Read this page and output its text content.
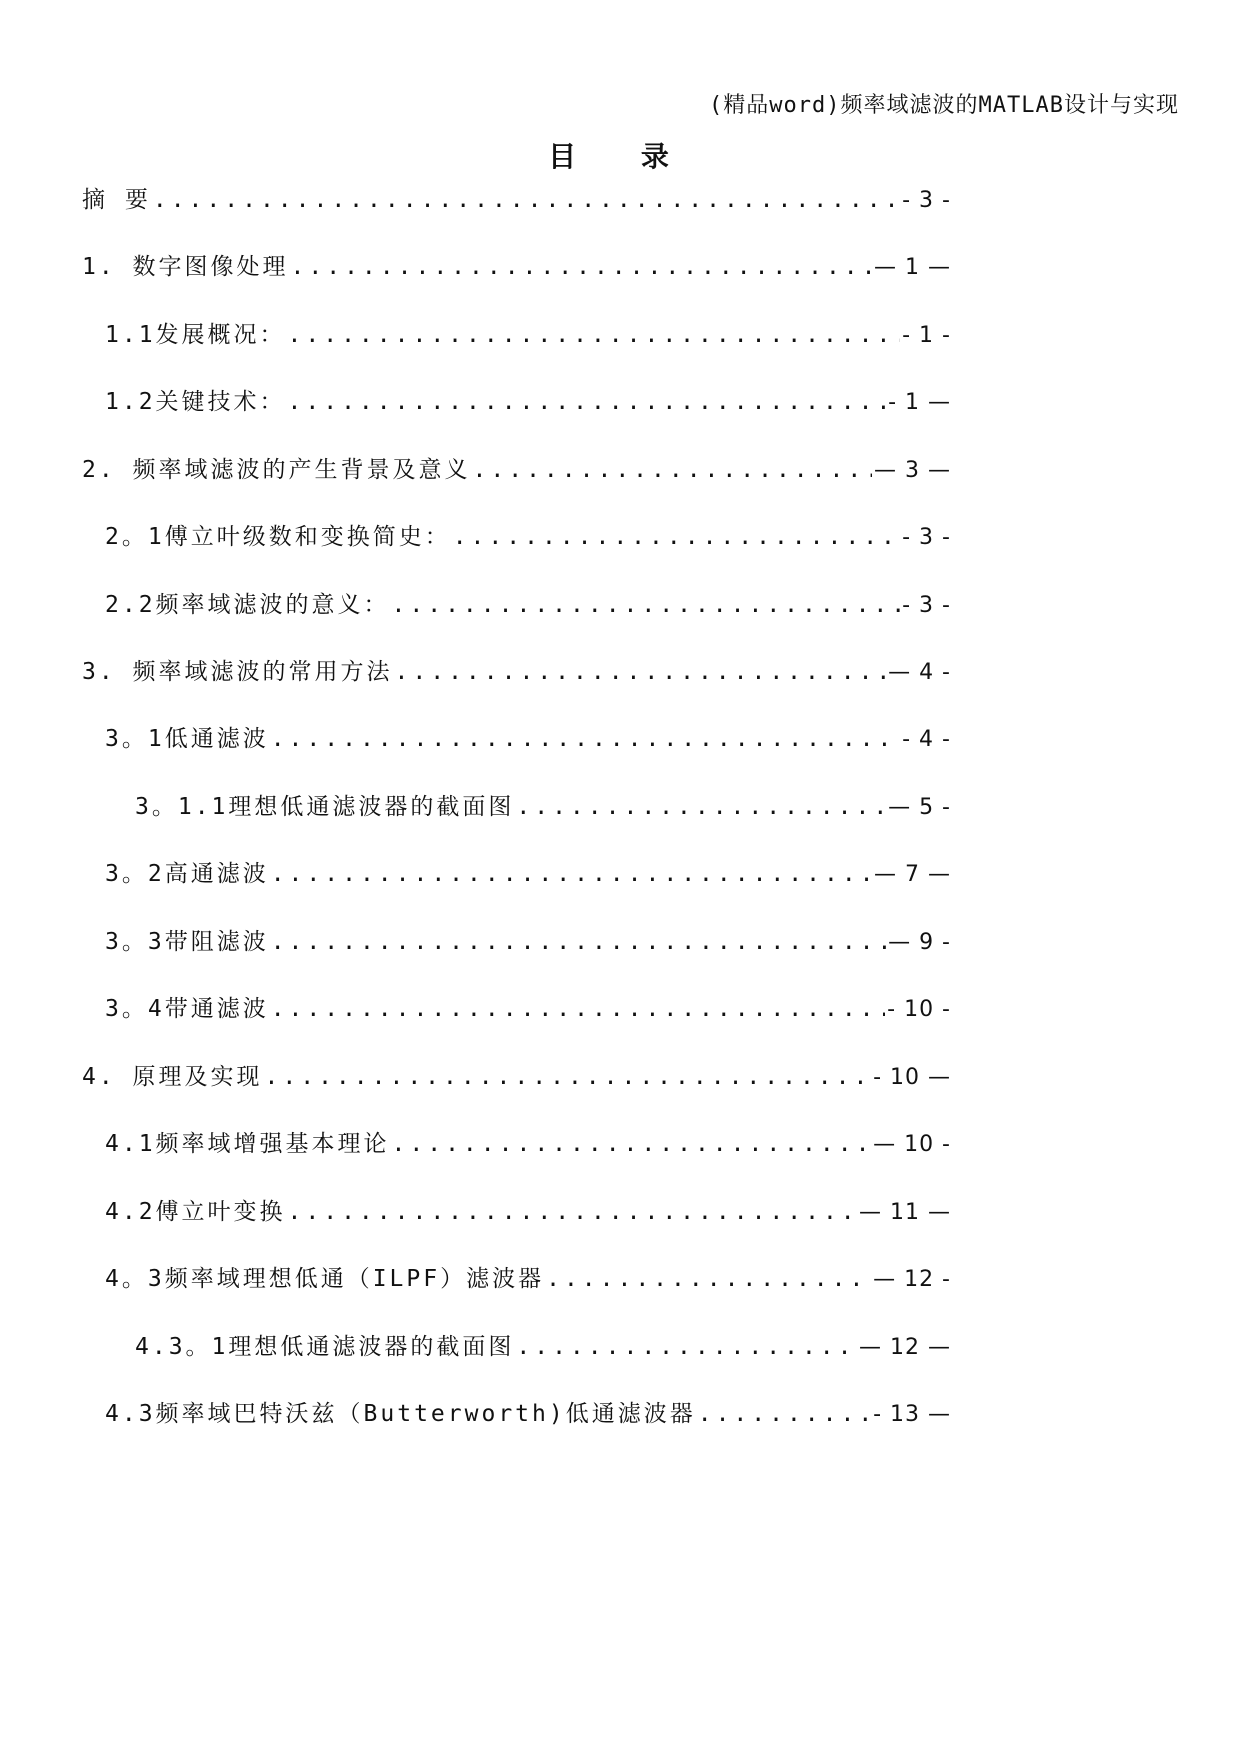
(精品word)频率域滤波的MATLAB设计与实现
目 录
摘 要 .....	- 3 -
1. 数字图像处理 .....	— 1 —
1.1发展概况： .....	- 1 -
1.2关键技术： .....	- 1 —
2. 频率域滤波的产生背景及意义 .....	— 3 —
2。1傅立叶级数和变换简史： .....	- 3 -
2.2频率域滤波的意义： .....	- 3 -
3. 频率域滤波的常用方法 .....	— 4 -
3。1低通滤波 .....	- 4 -
3。1.1理想低通滤波器的截面图 .....	— 5 -
3。2高通滤波 .....	— 7 —
3。3带阻滤波 .....	— 9 -
3。4带通滤波 .....	- 10 -
4. 原理及实现 .....	- 10 —
4.1频率域增强基本理论 .....	— 10 -
4.2傅立叶变换 .....	— 11 —
4。3频率域理想低通（ILPF）滤波器 .....	— 12 -
4.3。1理想低通滤波器的截面图 .....	— 12 —
4.3频率域巴特沃兹（Butterworth)低通滤波器 .....	- 13 —
